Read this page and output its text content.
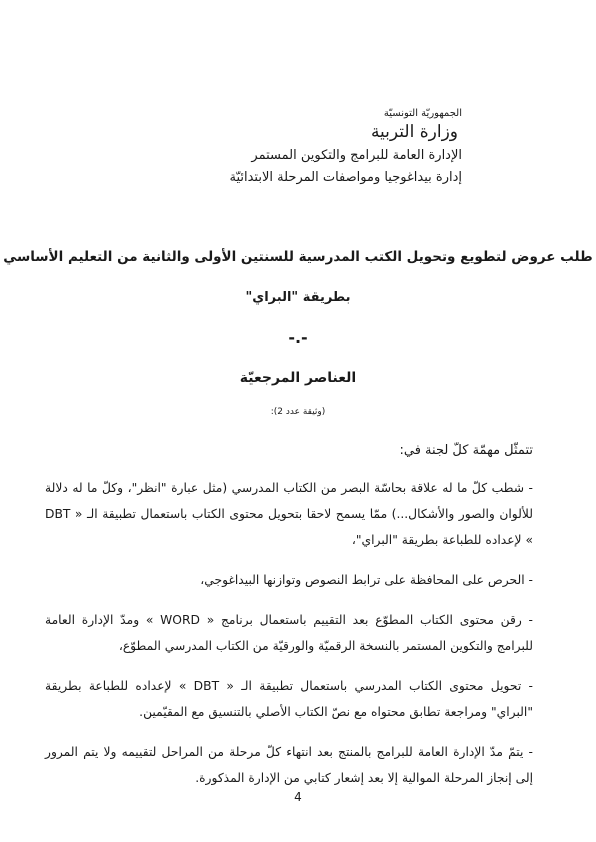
الجمهوريّة التونسيّة
وزارة التربية
الإدارة العامة للبرامج والتكوين المستمر
إدارة بيداغوجيا ومواصفات المرحلة الابتدائيّة
طلب عروض لتطويع وتحويل الكتب المدرسية للسنتين الأولى والثانية من التعليم الأساسي
بطريقة "البراي"
-.-
العناصر المرجعيّة
(وثيقة عدد 2):
تتمثّل مهمّة كلّ لجنة في:
- شطب كلّ ما له علاقة بحاسّة البصر من الكتاب المدرسي (مثل عبارة "انظر"، وكلّ ما له دلالة للألوان والصور والأشكال...) ممّا يسمح لاحقا بتحويل محتوى الكتاب باستعمال تطبيقة الـ « DBT » لإعداده للطباعة بطريقة "البراي"،
- الحرص على المحافظة على ترابط النصوص وتوازنها البيداغوجي،
- رقن محتوى الكتاب المطوّع بعد التقييم باستعمال برنامج « WORD » ومدّ الإدارة العامة للبرامج والتكوين المستمر بالنسخة الرقميّة والورقيّة من الكتاب المدرسي المطوّع،
- تحويل محتوى الكتاب المدرسي باستعمال تطبيقة الـ « DBT » لإعداده للطباعة بطريقة "البراي" ومراجعة تطابق محتواه مع نصّ الكتاب الأصلي بالتنسيق مع المقيّمين.
- يتمّ مدّ الإدارة العامة للبرامج بالمنتج بعد انتهاء كلّ مرحلة من المراحل لتقييمه ولا يتم المرور إلى إنجاز المرحلة الموالية إلا بعد إشعار كتابي من الإدارة المذكورة.
4
